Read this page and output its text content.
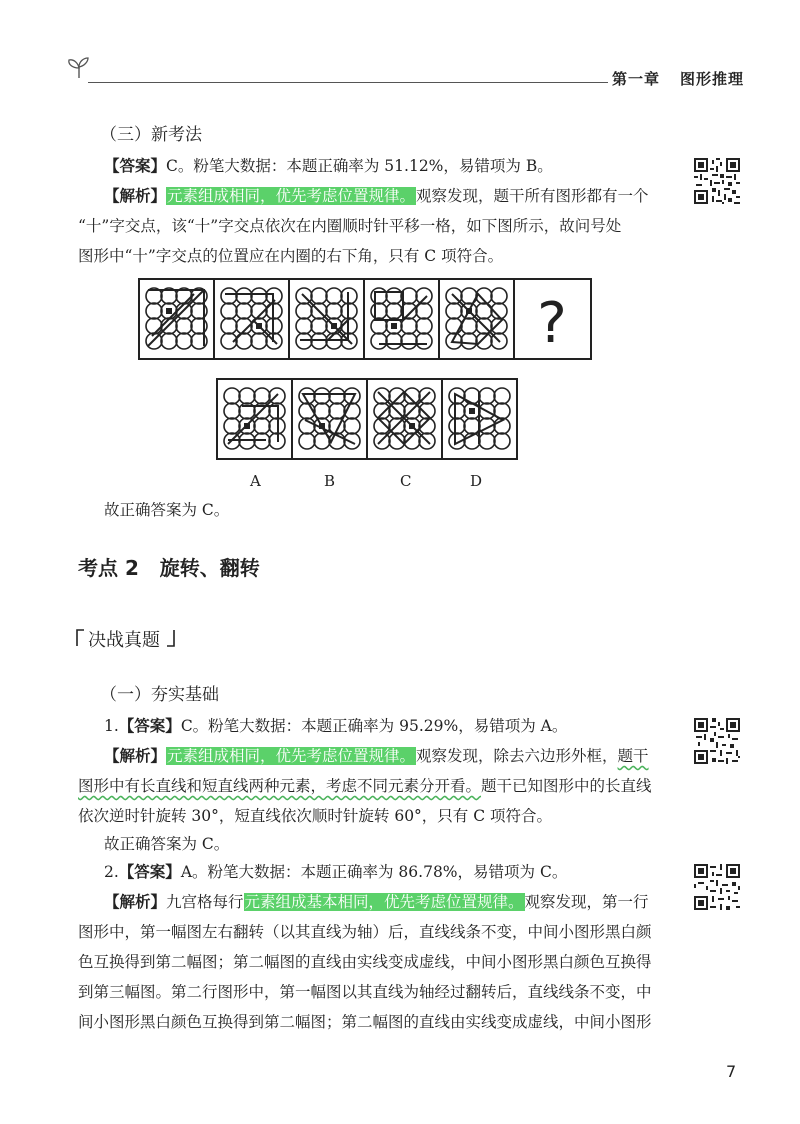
第一章 图形推理
（三）新考法
【答案】C。粉笔大数据：本题正确率为 51.12%，易错项为 B。
【解析】元素组成相同，优先考虑位置规律。观察发现，题干所有图形都有一个
“十”字交点，该“十”字交点依次在内圈顺时针平移一格，如下图所示，故问号处
图形中“十”字交点的位置应在内圈的右下角，只有 C 项符合。
?
A	B	C	D
故正确答案为 C。
考点 2   旋转、翻转
决战真题
（一）夯实基础
1.【答案】C。粉笔大数据：本题正确率为 95.29%，易错项为 A。
【解析】元素组成相同，优先考虑位置规律。观察发现，除去六边形外框，题干
图形中有长直线和短直线两种元素，考虑不同元素分开看。题干已知图形中的长直线
依次逆时针旋转 30°，短直线依次顺时针旋转 60°，只有 C 项符合。
故正确答案为 C。
2.【答案】A。粉笔大数据：本题正确率为 86.78%，易错项为 C。
【解析】九宫格每行元素组成基本相同，优先考虑位置规律。观察发现，第一行
图形中，第一幅图左右翻转（以其直线为轴）后，直线线条不变，中间小图形黑白颜
色互换得到第二幅图；第二幅图的直线由实线变成虚线，中间小图形黑白颜色互换得
到第三幅图。第二行图形中，第一幅图以其直线为轴经过翻转后，直线线条不变，中
间小图形黑白颜色互换得到第二幅图；第二幅图的直线由实线变成虚线，中间小图形
7
